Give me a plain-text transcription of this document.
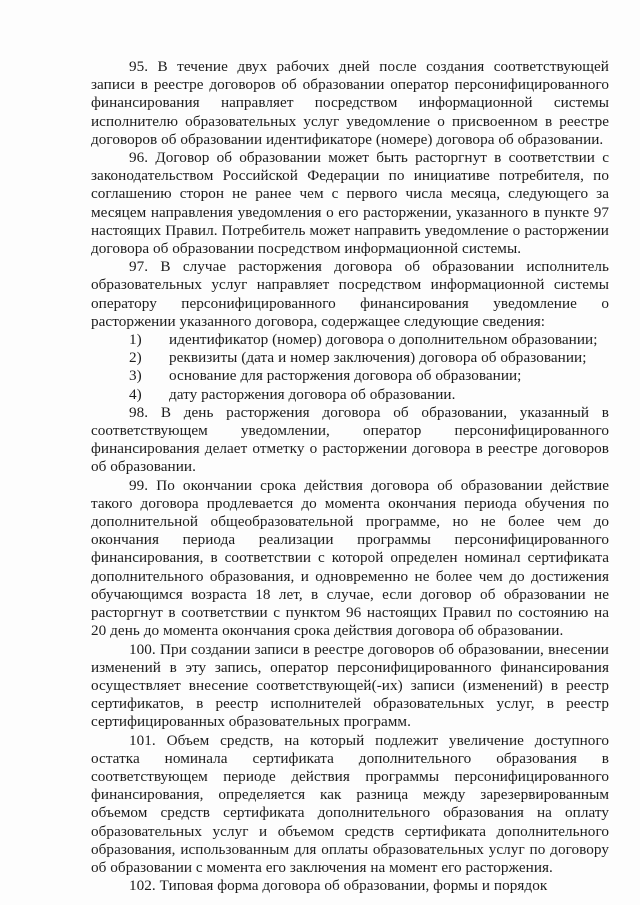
95. В течение двух рабочих дней после создания соответствующей записи в реестре договоров об образовании оператор персонифицированного финансирования направляет посредством информационной системы исполнителю образовательных услуг уведомление о присвоенном в реестре договоров об образовании идентификаторе (номере) договора об образовании.

96. Договор об образовании может быть расторгнут в соответствии с законодательством Российской Федерации по инициативе потребителя, по соглашению сторон не ранее чем с первого числа месяца, следующего за месяцем направления уведомления о его расторжении, указанного в пункте 97 настоящих Правил. Потребитель может направить уведомление о расторжении договора об образовании посредством информационной системы.

97. В случае расторжения договора об образовании исполнитель образовательных услуг направляет посредством информационной системы оператору персонифицированного финансирования уведомление о расторжении указанного договора, содержащее следующие сведения:

1)	идентификатор (номер) договора о дополнительном образовании;
2)	реквизиты (дата и номер заключения) договора об образовании;
3)	основание для расторжения договора об образовании;
4)	дату расторжения договора об образовании.

98. В день расторжения договора об образовании, указанный в соответствующем уведомлении, оператор персонифицированного финансирования делает отметку о расторжении договора в реестре договоров об образовании.

99. По окончании срока действия договора об образовании действие такого договора продлевается до момента окончания периода обучения по дополнительной общеобразовательной программе, но не более чем до окончания периода реализации программы персонифицированного финансирования, в соответствии с которой определен номинал сертификата дополнительного образования, и одновременно не более чем до достижения обучающимся возраста 18 лет, в случае, если договор об образовании не расторгнут в соответствии с пунктом 96 настоящих Правил по состоянию на 20 день до момента окончания срока действия договора об образовании.

100. При создании записи в реестре договоров об образовании, внесении изменений в эту запись, оператор персонифицированного финансирования осуществляет внесение соответствующей(-их) записи (изменений) в реестр сертификатов, в реестр исполнителей образовательных услуг, в реестр сертифицированных образовательных программ.

101. Объем средств, на который подлежит увеличение доступного остатка номинала сертификата дополнительного образования в соответствующем периоде действия программы персонифицированного финансирования, определяется как разница между зарезервированным объемом средств сертификата дополнительного образования на оплату образовательных услуг и объемом средств сертификата дополнительного образования, использованным для оплаты образовательных услуг по договору об образовании с момента его заключения на момент его расторжения.

102. Типовая форма договора об образовании, формы и порядок
